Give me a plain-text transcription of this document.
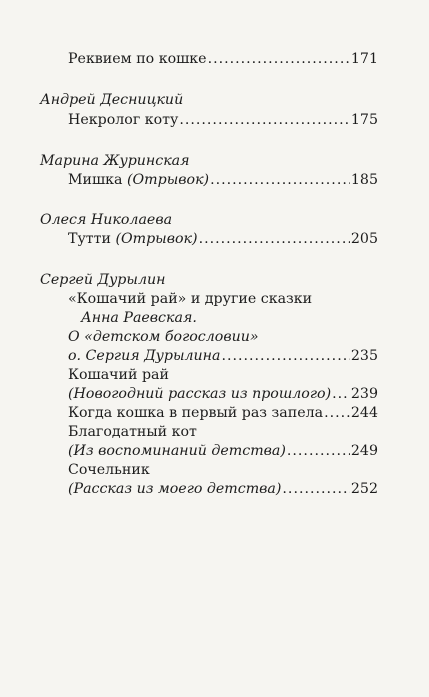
Реквием по кошке .....	171
Андрей Десницкий
Некролог коту .....	175
Марина Журинская
Мишка (Отрывок) .....	185
Олеся Николаева
Тутти (Отрывок) .....	205
Сергей Дурылин
«Кошачий рай» и другие сказки
Анна Раевская.
О «детском богословии»
о. Сергия Дурылина .....	235
Кошачий рай
(Новогодний рассказ из прошлого) ..... 239
Когда кошка в первый раз запела ..... 244
Благодатный кот
(Из воспоминаний детства) .....	249
Сочельник
(Рассказ из моего детства) .....	252
